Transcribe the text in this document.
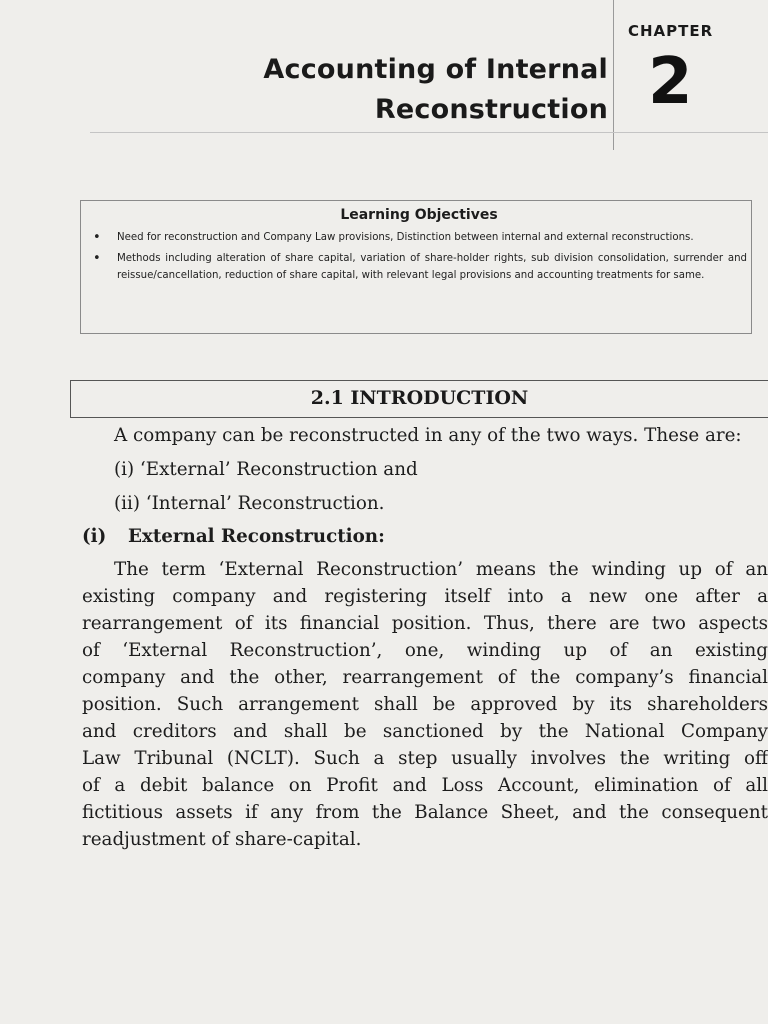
Accounting of Internal
Reconstruction
CHAPTER
2
Learning Objectives
• Need for reconstruction and Company Law provisions, Distinction between internal and external reconstructions.
• Methods including alteration of share capital, variation of share-holder rights, sub division consolidation, surrender and reissue/cancellation, reduction of share capital, with relevant legal provisions and accounting treatments for same.
2.1 INTRODUCTION

A company can be reconstructed in any of the two ways. These are:

(i) ‘External’ Reconstruction and
(ii) ‘Internal’ Reconstruction.
(i) External Reconstruction:
The term ‘External Reconstruction’ means the winding up of an
existing company and registering itself into a new one after a
rearrangement of its financial position. Thus, there are two aspects
of ‘External Reconstruction’, one, winding up of an existing
company and the other, rearrangement of the company’s financial
position. Such arrangement shall be approved by its shareholders
and creditors and shall be sanctioned by the National Company
Law Tribunal (NCLT). Such a step usually involves the writing off
of a debit balance on Profit and Loss Account, elimination of all
fictitious assets if any from the Balance Sheet, and the consequent
readjustment of share-capital.
